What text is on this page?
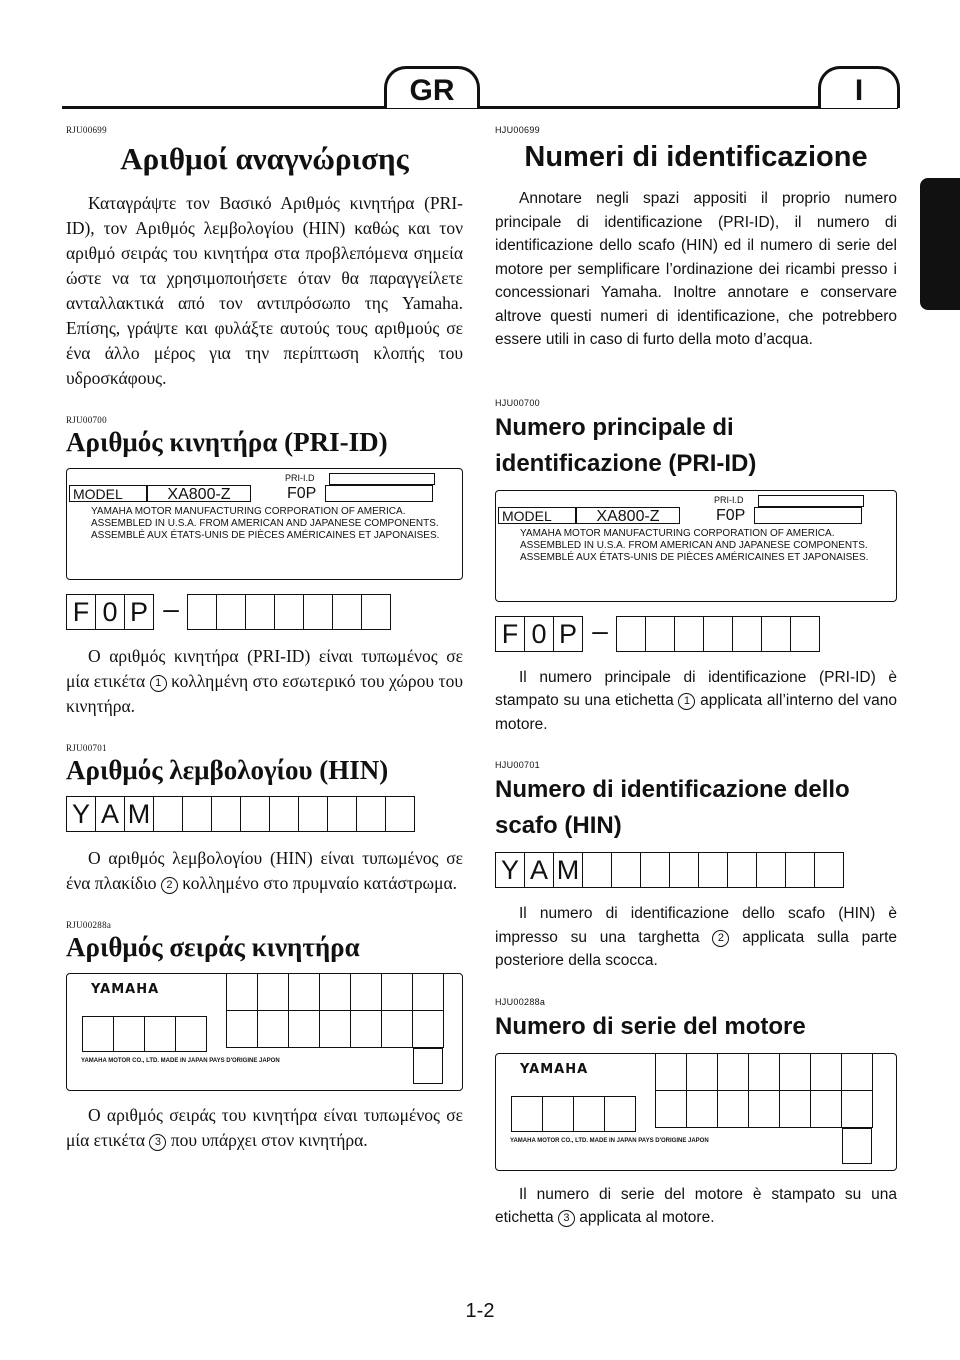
GR	I
RJU00699
Αριθμοί αναγνώρισης

Καταγράψτε τον Βασικό Αριθμός κινητήρα (PRI-ID), τον Αριθμός λεμβολογίου (HIN) καθώς και τον αριθμό σειράς του κινητήρα στα προβλεπόμενα σημεία ώστε να τα χρησιμοποιήσετε όταν θα παραγγείλετε ανταλλακτικά από τον αντιπρόσωπο της Yamaha. Επίσης, γράψτε και φυλάξτε αυτούς τους αριθμούς σε ένα άλλο μέρος για την περίπτωση κλοπής του υδροσκάφους.

RJU00700
Αριθμός κινητήρα (PRI-ID)
PRI-I.D
MODEL	XA800-Z	F0P
YAMAHA MOTOR MANUFACTURING CORPORATION OF AMERICA. ASSEMBLED IN U.S.A. FROM AMERICAN AND JAPANESE COMPONENTS. ASSEMBLÉ AUX ÉTATS-UNIS DE PIÈCES AMÉRICAINES ET JAPONAISES.
F 0 P –

Ο αριθμός κινητήρα (PRI-ID) είναι τυπωμένος σε μία ετικέτα 1 κολλημένη στο εσωτερικό του χώρου του κινητήρα.

RJU00701
Αριθμός λεμβολογίου (HIN)
Y A M

Ο αριθμός λεμβολογίου (HIN) είναι τυπωμένος σε ένα πλακίδιο 2 κολλημένο στο πρυμναίο κατάστρωμα.

RJU00288a
Αριθμός σειράς κινητήρα
YAMAHA
YAMAHA MOTOR CO., LTD. MADE IN JAPAN PAYS D'ORIGINE JAPON

Ο αριθμός σειράς του κινητήρα είναι τυπωμένος σε μία ετικέτα 3 που υπάρχει στον κινητήρα.

HJU00699
Numeri di identificazione

Annotare negli spazi appositi il proprio numero principale di identificazione (PRI-ID), il numero di identificazione dello scafo (HIN) ed il numero di serie del motore per semplificare l’ordinazione dei ricambi presso i concessionari Yamaha. Inoltre annotare e conservare altrove questi numeri di identificazione, che potrebbero essere utili in caso di furto della moto d’acqua.

HJU00700
Numero principale di identificazione (PRI-ID)
PRI-I.D
MODEL	XA800-Z	F0P
YAMAHA MOTOR MANUFACTURING CORPORATION OF AMERICA. ASSEMBLED IN U.S.A. FROM AMERICAN AND JAPANESE COMPONENTS. ASSEMBLÉ AUX ÉTATS-UNIS DE PIÈCES AMÉRICAINES ET JAPONAISES.
F 0 P –

Il numero principale di identificazione (PRI-ID) è stampato su una etichetta 1 applicata all’interno del vano motore.

HJU00701
Numero di identificazione dello scafo (HIN)
Y A M

Il numero di identificazione dello scafo (HIN) è impresso su una targhetta 2 applicata sulla parte posteriore della scocca.

HJU00288a
Numero di serie del motore
YAMAHA
YAMAHA MOTOR CO., LTD. MADE IN JAPAN PAYS D'ORIGINE JAPON

Il numero di serie del motore è stampato su una etichetta 3 applicata al motore.

1-2
